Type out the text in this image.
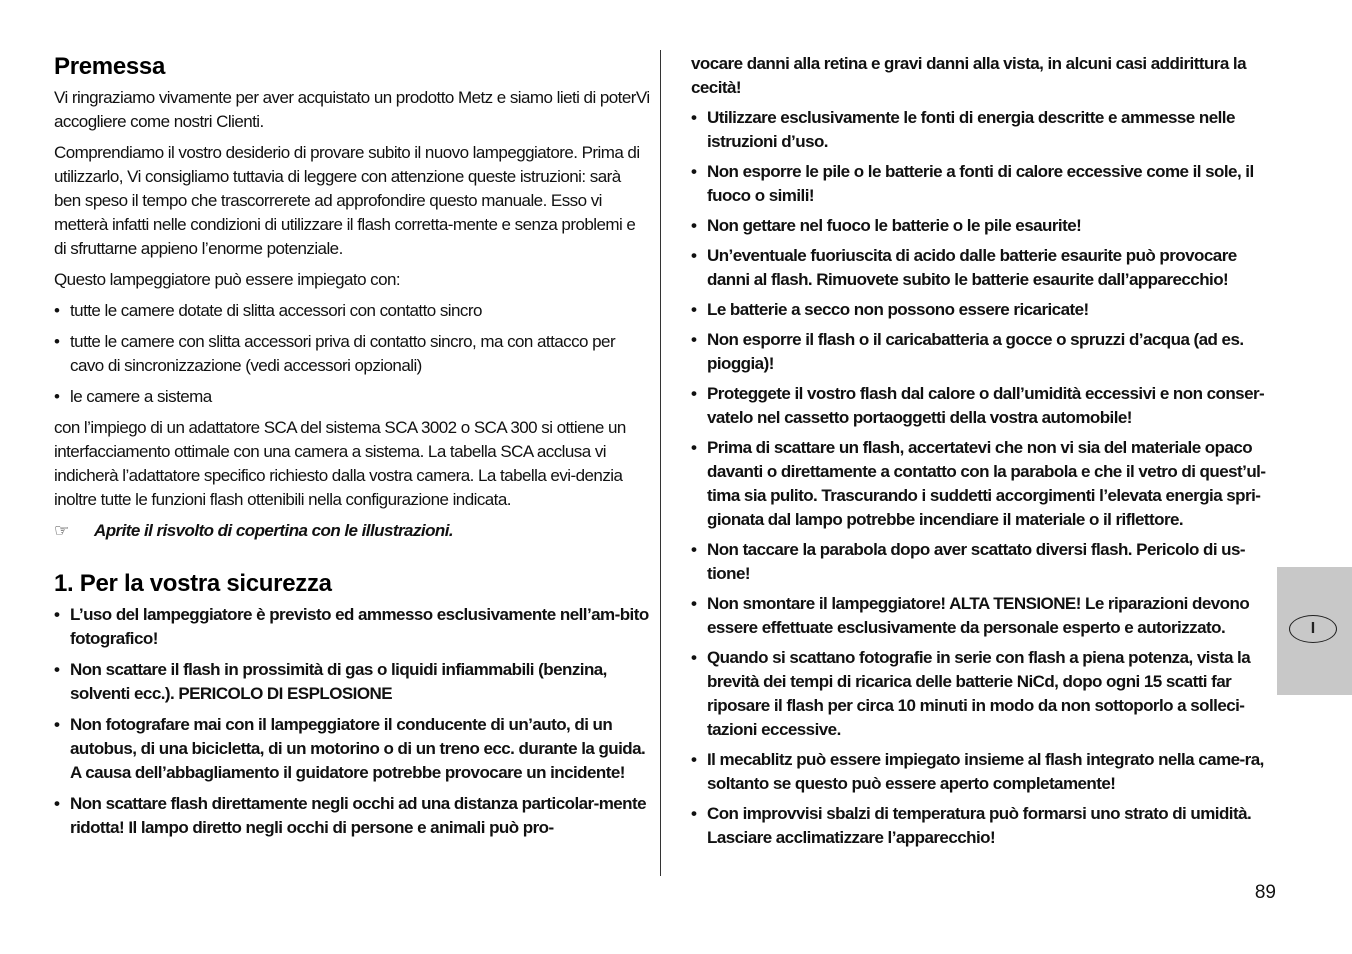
Premessa

Vi ringraziamo vivamente per aver acquistato un prodotto Metz e siamo lieti di poterVi accogliere come nostri Clienti.

Comprendiamo il vostro desiderio di provare subito il nuovo lampeggiatore. Prima di utilizzarlo, Vi consigliamo tuttavia di leggere con attenzione queste istruzioni: sarà ben speso il tempo che trascorrerete ad approfondire questo manuale. Esso vi metterà infatti nelle condizioni di utilizzare il flash corretta-mente e senza problemi e di sfruttarne appieno l’enorme potenziale.

Questo lampeggiatore può essere impiegato con:

• tutte le camere dotate di slitta accessori con contatto sincro
• tutte le camere con slitta accessori priva di contatto sincro, ma con attacco per cavo di sincronizzazione (vedi accessori opzionali)
• le camere a sistema

con l’impiego di un adattatore SCA del sistema SCA 3002 o SCA 300 si ottiene un interfacciamento ottimale con una camera a sistema. La tabella SCA acclusa vi indicherà l’adattatore specifico richiesto dalla vostra camera. La tabella evi-denzia inoltre tutte le funzioni flash ottenibili nella configurazione indicata.

☞	Aprite il risvolto di copertina con le illustrazioni.
1. Per la vostra sicurezza
• L’uso del lampeggiatore è previsto ed ammesso esclusivamente nell’am-bito fotografico!
• Non scattare il flash in prossimità di gas o liquidi infiammabili (benzina, solventi ecc.). PERICOLO DI ESPLOSIONE
• Non fotografare mai con il lampeggiatore il conducente di un’auto, di un autobus, di una bicicletta, di un motorino o di un treno ecc. durante la guida. A causa dell’abbagliamento il guidatore potrebbe provocare un incidente!
• Non scattare flash direttamente negli occhi ad una distanza particolar-mente ridotta! Il lampo diretto negli occhi di persone e animali può pro-
vocare danni alla retina e gravi danni alla vista, in alcuni casi addirittura la cecità!
• Utilizzare esclusivamente le fonti di energia descritte e ammesse nelle istruzioni d’uso.
• Non esporre le pile o le batterie a fonti di calore eccessive come il sole, il fuoco o simili!
• Non gettare nel fuoco le batterie o le pile esaurite!
• Un’eventuale fuoriuscita di acido dalle batterie esaurite può provocare danni al flash. Rimuovete subito le batterie esaurite dall’apparecchio!
• Le batterie a secco non possono essere ricaricate!
• Non esporre il flash o il caricabatteria a gocce o spruzzi d’acqua (ad es. pioggia)!
• Proteggete il vostro flash dal calore o dall’umidità eccessivi e non conser-vatelo nel cassetto portaoggetti della vostra automobile!
• Prima di scattare un flash, accertatevi che non vi sia del materiale opaco davanti o direttamente a contatto con la parabola e che il vetro di quest’ul-tima sia pulito. Trascurando i suddetti accorgimenti l’elevata energia spri-gionata dal lampo potrebbe incendiare il materiale o il riflettore.
• Non taccare la parabola dopo aver scattato diversi flash. Pericolo di us-tione!
• Non smontare il lampeggiatore! ALTA TENSIONE! Le riparazioni devono essere effettuate esclusivamente da personale esperto e autorizzato.
• Quando si scattano fotografie in serie con flash a piena potenza, vista la brevità dei tempi di ricarica delle batterie NiCd, dopo ogni 15 scatti far riposare il flash per circa 10 minuti in modo da non sottoporlo a solleci-tazioni eccessive.
• Il mecablitz può essere impiegato insieme al flash integrato nella came-ra, soltanto se questo può essere aperto completamente!
• Con improvvisi sbalzi di temperatura può formarsi uno strato di umidità. Lasciare acclimatizzare l’apparecchio!
I
89
